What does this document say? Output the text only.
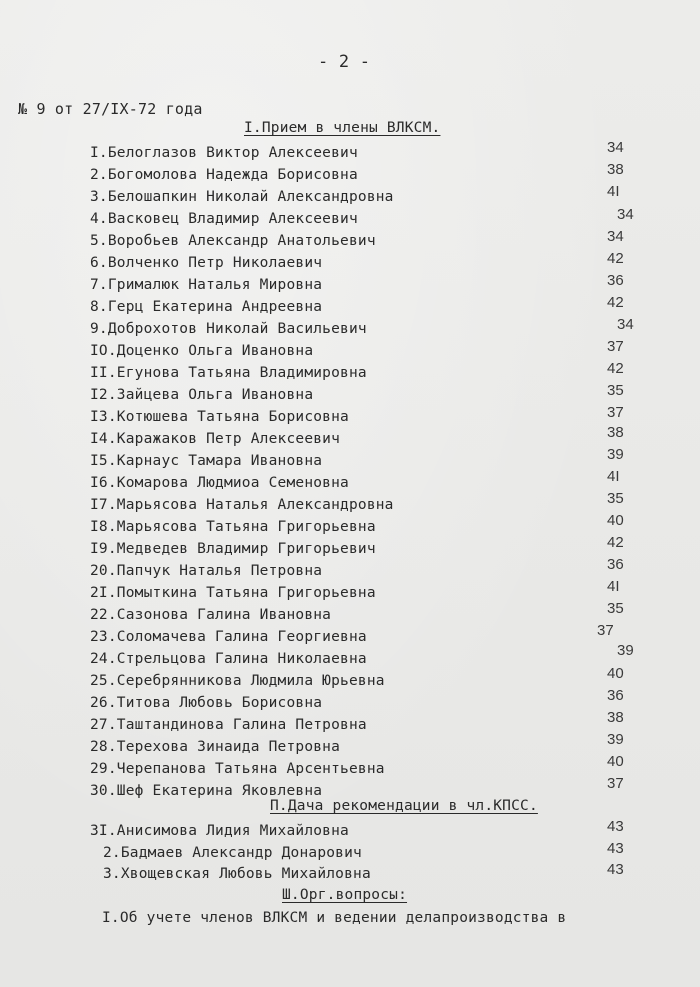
- 2 -
№ 9 от 27/IX-72 года
I.Прием в члены ВЛКСМ.
I.Белоглазов Виктор Алексеевич	34
2.Богомолова Надежда Борисовна	38
3.Белошапкин Николай Александровна	4I
4.Васковец Владимир Алексеевич	34
5.Воробьев Александр Анатольевич	34
6.Волченко Петр Николаевич	42
7.Грималюк Наталья Мировна	36
8.Герц Екатерина Андреевна	42
9.Доброхотов Николай Васильевич	34
IO.Доценко Ольга Ивановна	37
II.Егунова Татьяна Владимировна	42
I2.Зайцева Ольга Ивановна	35
I3.Котюшева Татьяна Борисовна	37
I4.Каражаков Петр Алексеевич	38
I5.Карнаус Тамара Ивановна	39
I6.Комарова Людмиоа Семеновна	4I
I7.Марьясова Наталья Александровна	35
I8.Марьясова Татьяна Григорьевна	40
I9.Медведев Владимир Григорьевич	42
20.Папчук Наталья Петровна	36
2I.Помыткина Татьяна Григорьевна	4I
22.Сазонова Галина Ивановна	35
23.Соломачева Галина Георгиевна	37
24.Стрельцова Галина Николаевна	39
25.Серебрянникова Людмила Юрьевна	40
26.Титова Любовь Борисовна	36
27.Таштандинова Галина Петровна	38
28.Терехова Зинаида Петровна	39
29.Черепанова Татьяна Арсентьевна	40
30.Шеф Екатерина Яковлевна	37
П.Дача рекомендации в чл.КПСС.
3I.Анисимова Лидия Михайловна	43
2.Бадмаев Александр Донарович	43
3.Хвощевская Любовь Михайловна	43
Ш.Орг.вопросы:
I.Об учете членов ВЛКСМ и ведении делапроизводства в
